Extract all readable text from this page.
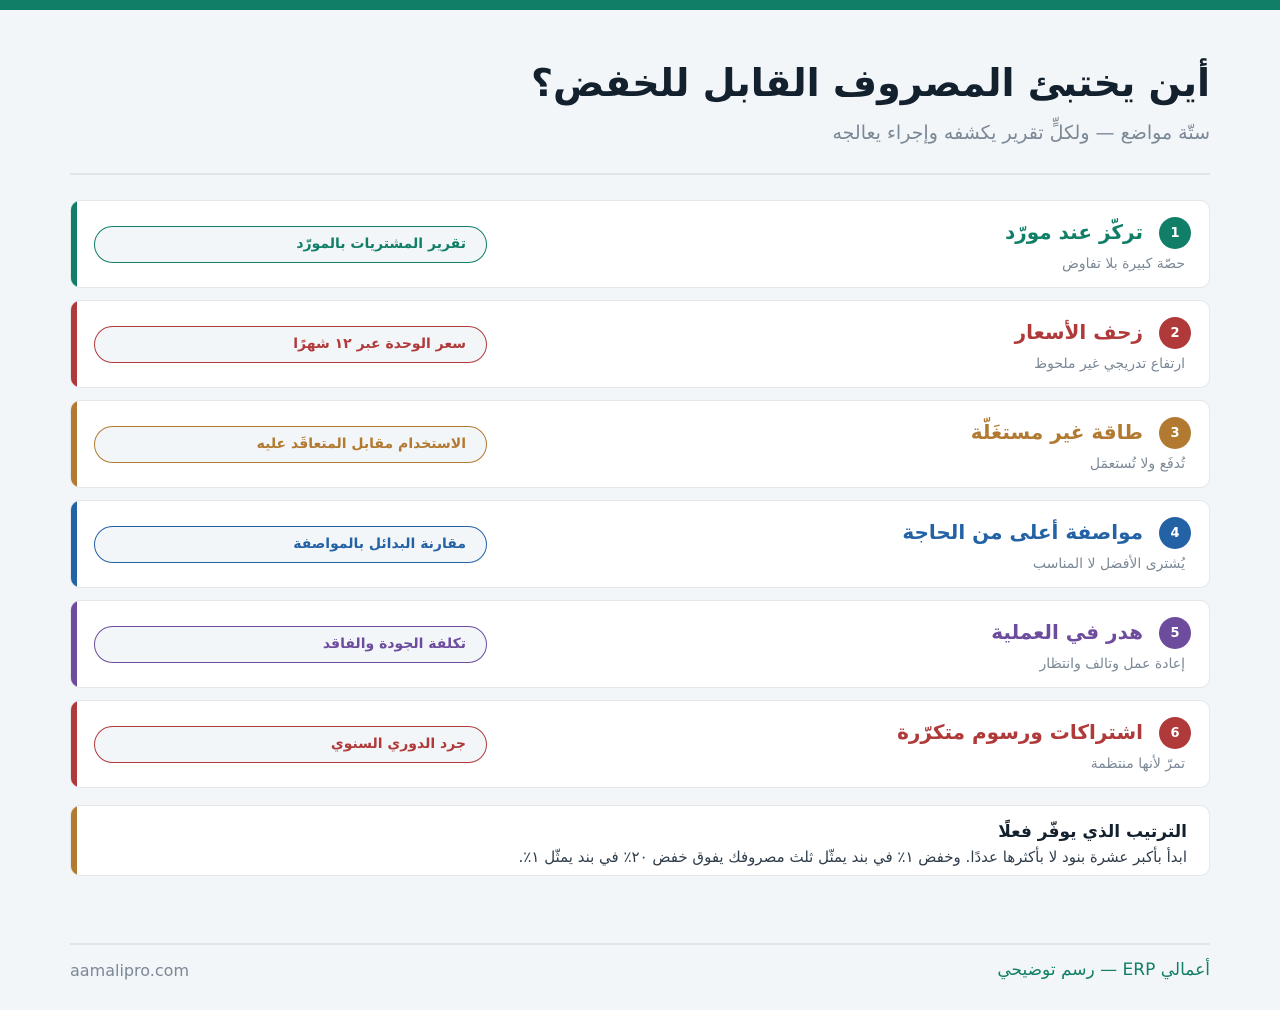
أين يختبئ المصروف القابل للخفض؟
ستّة مواضع — ولكلٍّ تقرير يكشفه وإجراء يعالجه
1
تركّز عند مورّد
حصّة كبيرة بلا تفاوض
تقرير المشتريات بالمورّد
2
زحف الأسعار
ارتفاع تدريجي غير ملحوظ
سعر الوحدة عبر ١٢ شهرًا
3
طاقة غير مستغَلّة
تُدفَع ولا تُستعمَل
الاستخدام مقابل المتعاقَد عليه
4
مواصفة أعلى من الحاجة
يُشترى الأفضل لا المناسب
مقارنة البدائل بالمواصفة
5
هدر في العملية
إعادة عمل وتالف وانتظار
تكلفة الجودة والفاقد
6
اشتراكات ورسوم متكرّرة
تمرّ لأنها منتظمة
جرد الدوري السنوي
الترتيب الذي يوفّر فعلًا
ابدأ بأكبر عشرة بنود لا بأكثرها عددًا. وخفض ١٪ في بند يمثّل ثلث مصروفك يفوق خفض ٢٠٪ في بند يمثّل ١٪.
أعمالي ERP — رسم توضيحي
aamalipro.com
